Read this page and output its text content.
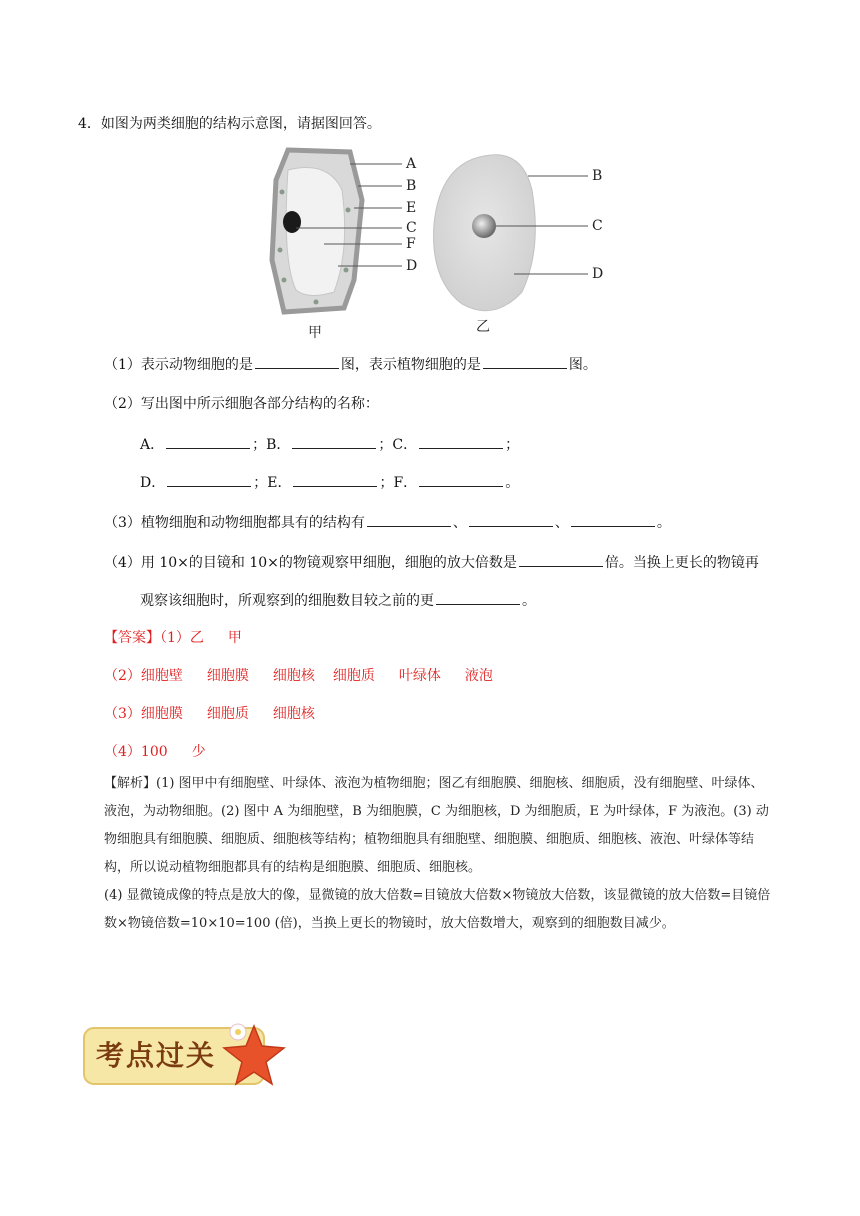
4．如图为两类细胞的结构示意图，请据图回答。
A
B
E
C
F
D
B
C
D
甲	乙
（1）表示动物细胞的是	图，表示植物细胞的是	图。
（2）写出图中所示细胞各部分结构的名称：
A．	；B．	；C．	；
D．	；E．	；F．	。
（3）植物细胞和动物细胞都具有的结构有	、	、	。
（4）用 10×的目镜和 10×的物镜观察甲细胞，细胞的放大倍数是	倍。当换上更长的物镜再
观察该细胞时，所观察到的细胞数目较之前的更	。
【答案】（1）乙 甲
（2）细胞壁 细胞膜 细胞核 细胞质 叶绿体 液泡
（3）细胞膜 细胞质 细胞核
（4）100 少

【解析】(1) 图甲中有细胞壁、叶绿体、液泡为植物细胞；图乙有细胞膜、细胞核、细胞质，没有细胞壁、叶绿体、液泡，为动物细胞。(2) 图中 A 为细胞壁，B 为细胞膜，C 为细胞核，D 为细胞质，E 为叶绿体，F 为液泡。(3) 动物细胞具有细胞膜、细胞质、细胞核等结构；植物细胞具有细胞壁、细胞膜、细胞质、细胞核、液泡、叶绿体等结构，所以说动植物细胞都具有的结构是细胞膜、细胞质、细胞核。

(4) 显微镜成像的特点是放大的像，显微镜的放大倍数=目镜放大倍数×物镜放大倍数，该显微镜的放大倍数=目镜倍数×物镜倍数=10×10=100 (倍)，当换上更长的物镜时，放大倍数增大，观察到的细胞数目减少。

考点过关
